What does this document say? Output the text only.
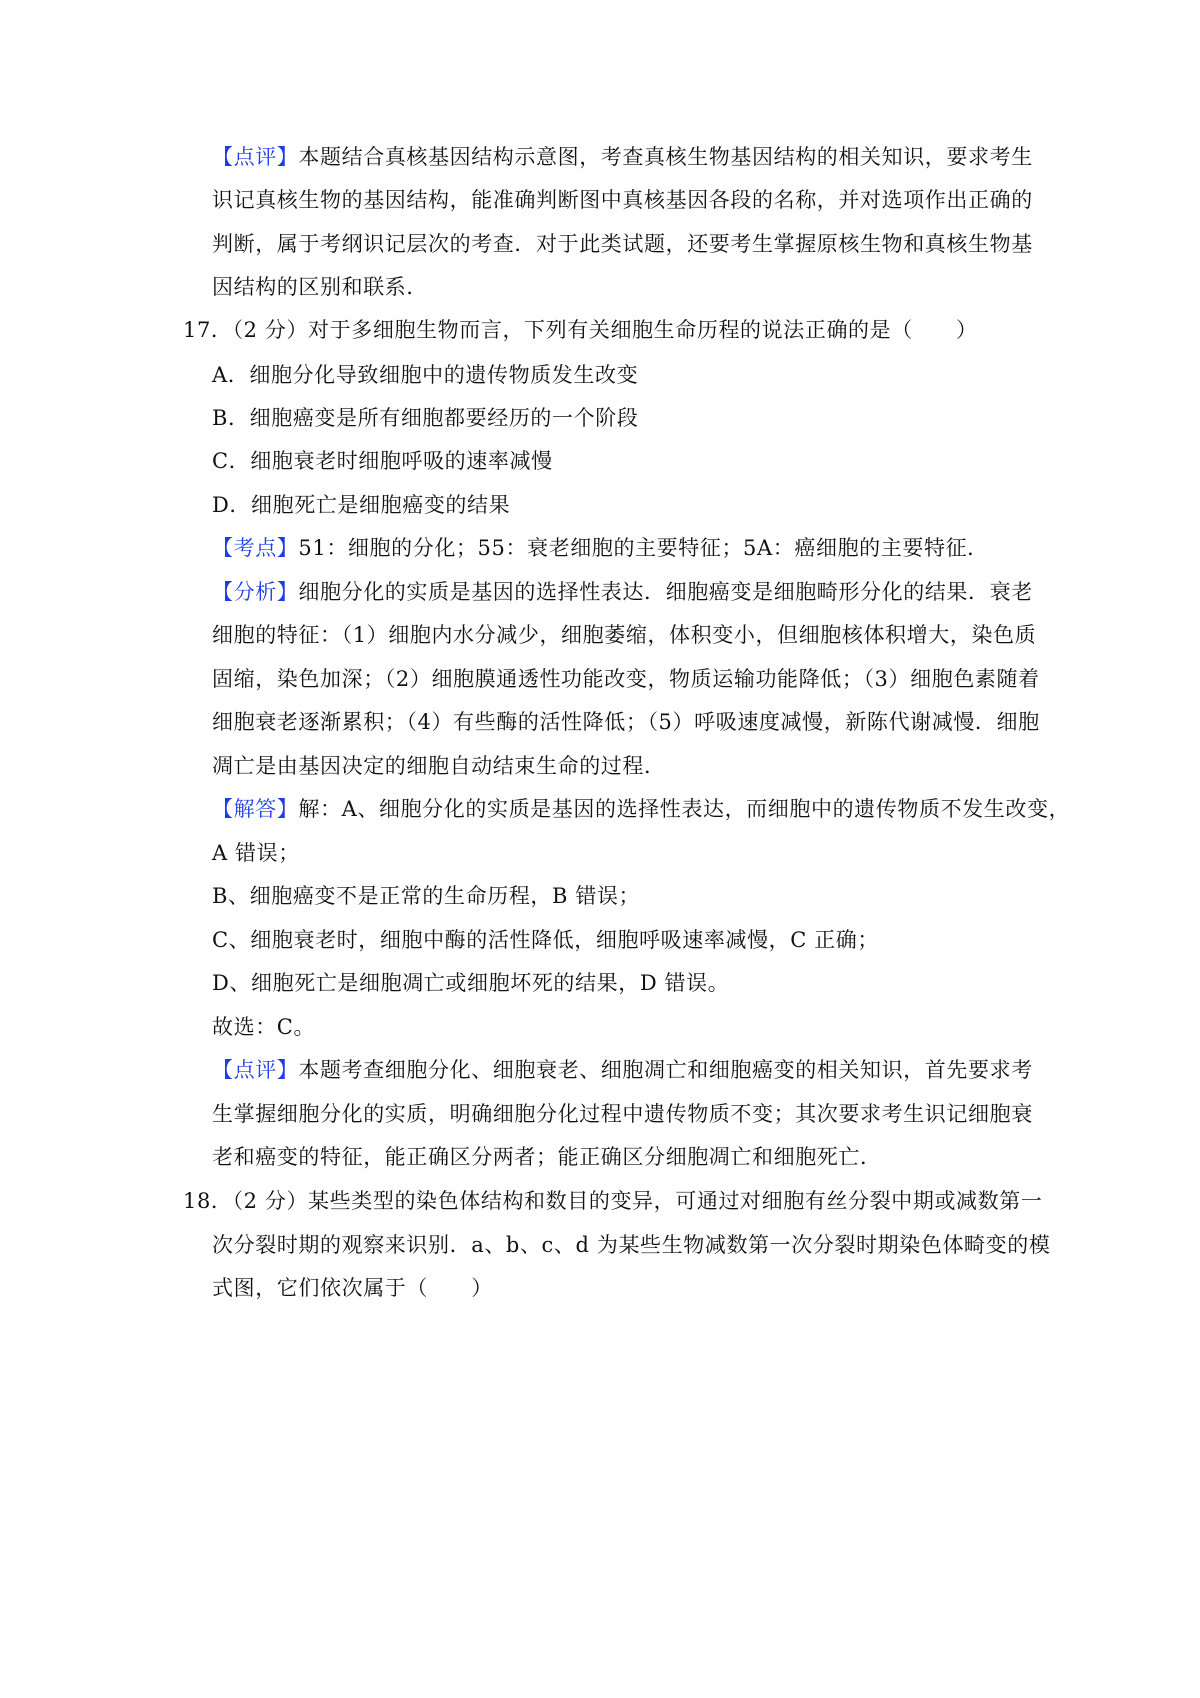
【点评】本题结合真核基因结构示意图，考查真核生物基因结构的相关知识，要求考生
识记真核生物的基因结构，能准确判断图中真核基因各段的名称，并对选项作出正确的
判断，属于考纲识记层次的考查．对于此类试题，还要考生掌握原核生物和真核生物基
因结构的区别和联系．
17．（2 分）对于多细胞生物而言，下列有关细胞生命历程的说法正确的是（　　）
A．细胞分化导致细胞中的遗传物质发生改变
B．细胞癌变是所有细胞都要经历的一个阶段
C．细胞衰老时细胞呼吸的速率减慢
D．细胞死亡是细胞癌变的结果
【考点】51：细胞的分化；55：衰老细胞的主要特征；5A：癌细胞的主要特征．
【分析】细胞分化的实质是基因的选择性表达．细胞癌变是细胞畸形分化的结果．衰老
细胞的特征：（1）细胞内水分减少，细胞萎缩，体积变小，但细胞核体积增大，染色质
固缩，染色加深；（2）细胞膜通透性功能改变，物质运输功能降低；（3）细胞色素随着
细胞衰老逐渐累积；（4）有些酶的活性降低；（5）呼吸速度减慢，新陈代谢减慢．细胞
凋亡是由基因决定的细胞自动结束生命的过程．
【解答】解：A、细胞分化的实质是基因的选择性表达，而细胞中的遗传物质不发生改变，
A 错误；
B、细胞癌变不是正常的生命历程，B 错误；
C、细胞衰老时，细胞中酶的活性降低，细胞呼吸速率减慢，C 正确；
D、细胞死亡是细胞凋亡或细胞坏死的结果，D 错误。
故选：C。
【点评】本题考查细胞分化、细胞衰老、细胞凋亡和细胞癌变的相关知识，首先要求考
生掌握细胞分化的实质，明确细胞分化过程中遗传物质不变；其次要求考生识记细胞衰
老和癌变的特征，能正确区分两者；能正确区分细胞凋亡和细胞死亡．
18．（2 分）某些类型的染色体结构和数目的变异，可通过对细胞有丝分裂中期或减数第一
次分裂时期的观察来识别．a、b、c、d 为某些生物减数第一次分裂时期染色体畸变的模
式图，它们依次属于（　　）
